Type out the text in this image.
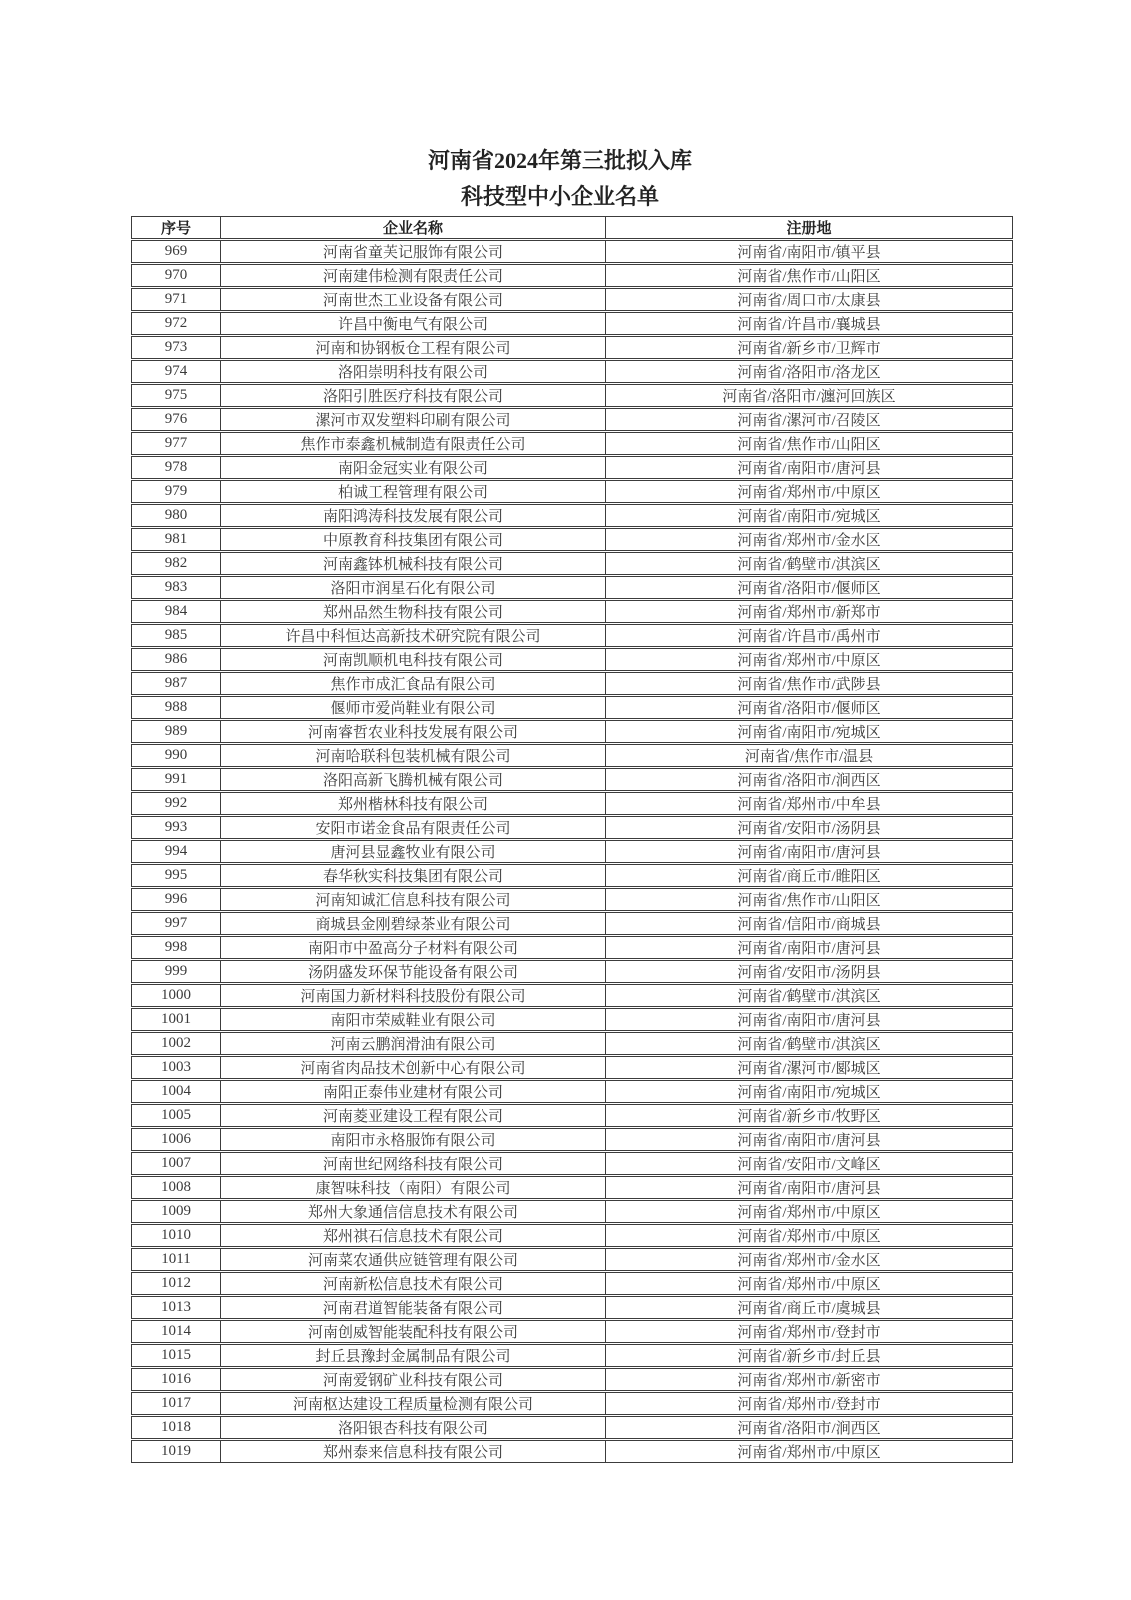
河南省2024年第三批拟入库
科技型中小企业名单
序号	企业名称	注册地
969	河南省童芙记服饰有限公司	河南省/南阳市/镇平县
970	河南建伟检测有限责任公司	河南省/焦作市/山阳区
971	河南世杰工业设备有限公司	河南省/周口市/太康县
972	许昌中衡电气有限公司	河南省/许昌市/襄城县
973	河南和协钢板仓工程有限公司	河南省/新乡市/卫辉市
974	洛阳崇明科技有限公司	河南省/洛阳市/洛龙区
975	洛阳引胜医疗科技有限公司	河南省/洛阳市/瀍河回族区
976	漯河市双发塑料印刷有限公司	河南省/漯河市/召陵区
977	焦作市泰鑫机械制造有限责任公司	河南省/焦作市/山阳区
978	南阳金冠实业有限公司	河南省/南阳市/唐河县
979	柏诚工程管理有限公司	河南省/郑州市/中原区
980	南阳鸿涛科技发展有限公司	河南省/南阳市/宛城区
981	中原教育科技集团有限公司	河南省/郑州市/金水区
982	河南鑫钵机械科技有限公司	河南省/鹤壁市/淇滨区
983	洛阳市润星石化有限公司	河南省/洛阳市/偃师区
984	郑州品然生物科技有限公司	河南省/郑州市/新郑市
985	许昌中科恒达高新技术研究院有限公司	河南省/许昌市/禹州市
986	河南凯顺机电科技有限公司	河南省/郑州市/中原区
987	焦作市成汇食品有限公司	河南省/焦作市/武陟县
988	偃师市爱尚鞋业有限公司	河南省/洛阳市/偃师区
989	河南睿哲农业科技发展有限公司	河南省/南阳市/宛城区
990	河南哈联科包装机械有限公司	河南省/焦作市/温县
991	洛阳高新飞腾机械有限公司	河南省/洛阳市/涧西区
992	郑州楷林科技有限公司	河南省/郑州市/中牟县
993	安阳市诺金食品有限责任公司	河南省/安阳市/汤阴县
994	唐河县显鑫牧业有限公司	河南省/南阳市/唐河县
995	春华秋实科技集团有限公司	河南省/商丘市/睢阳区
996	河南知诚汇信息科技有限公司	河南省/焦作市/山阳区
997	商城县金刚碧绿茶业有限公司	河南省/信阳市/商城县
998	南阳市中盈高分子材料有限公司	河南省/南阳市/唐河县
999	汤阴盛发环保节能设备有限公司	河南省/安阳市/汤阴县
1000	河南国力新材料科技股份有限公司	河南省/鹤壁市/淇滨区
1001	南阳市荣威鞋业有限公司	河南省/南阳市/唐河县
1002	河南云鹏润滑油有限公司	河南省/鹤壁市/淇滨区
1003	河南省肉品技术创新中心有限公司	河南省/漯河市/郾城区
1004	南阳正泰伟业建材有限公司	河南省/南阳市/宛城区
1005	河南菱亚建设工程有限公司	河南省/新乡市/牧野区
1006	南阳市永格服饰有限公司	河南省/南阳市/唐河县
1007	河南世纪网络科技有限公司	河南省/安阳市/文峰区
1008	康智味科技（南阳）有限公司	河南省/南阳市/唐河县
1009	郑州大象通信信息技术有限公司	河南省/郑州市/中原区
1010	郑州祺石信息技术有限公司	河南省/郑州市/中原区
1011	河南菜农通供应链管理有限公司	河南省/郑州市/金水区
1012	河南新松信息技术有限公司	河南省/郑州市/中原区
1013	河南君道智能装备有限公司	河南省/商丘市/虞城县
1014	河南创威智能装配科技有限公司	河南省/郑州市/登封市
1015	封丘县豫封金属制品有限公司	河南省/新乡市/封丘县
1016	河南爱钢矿业科技有限公司	河南省/郑州市/新密市
1017	河南枢达建设工程质量检测有限公司	河南省/郑州市/登封市
1018	洛阳银杏科技有限公司	河南省/洛阳市/涧西区
1019	郑州泰来信息科技有限公司	河南省/郑州市/中原区
